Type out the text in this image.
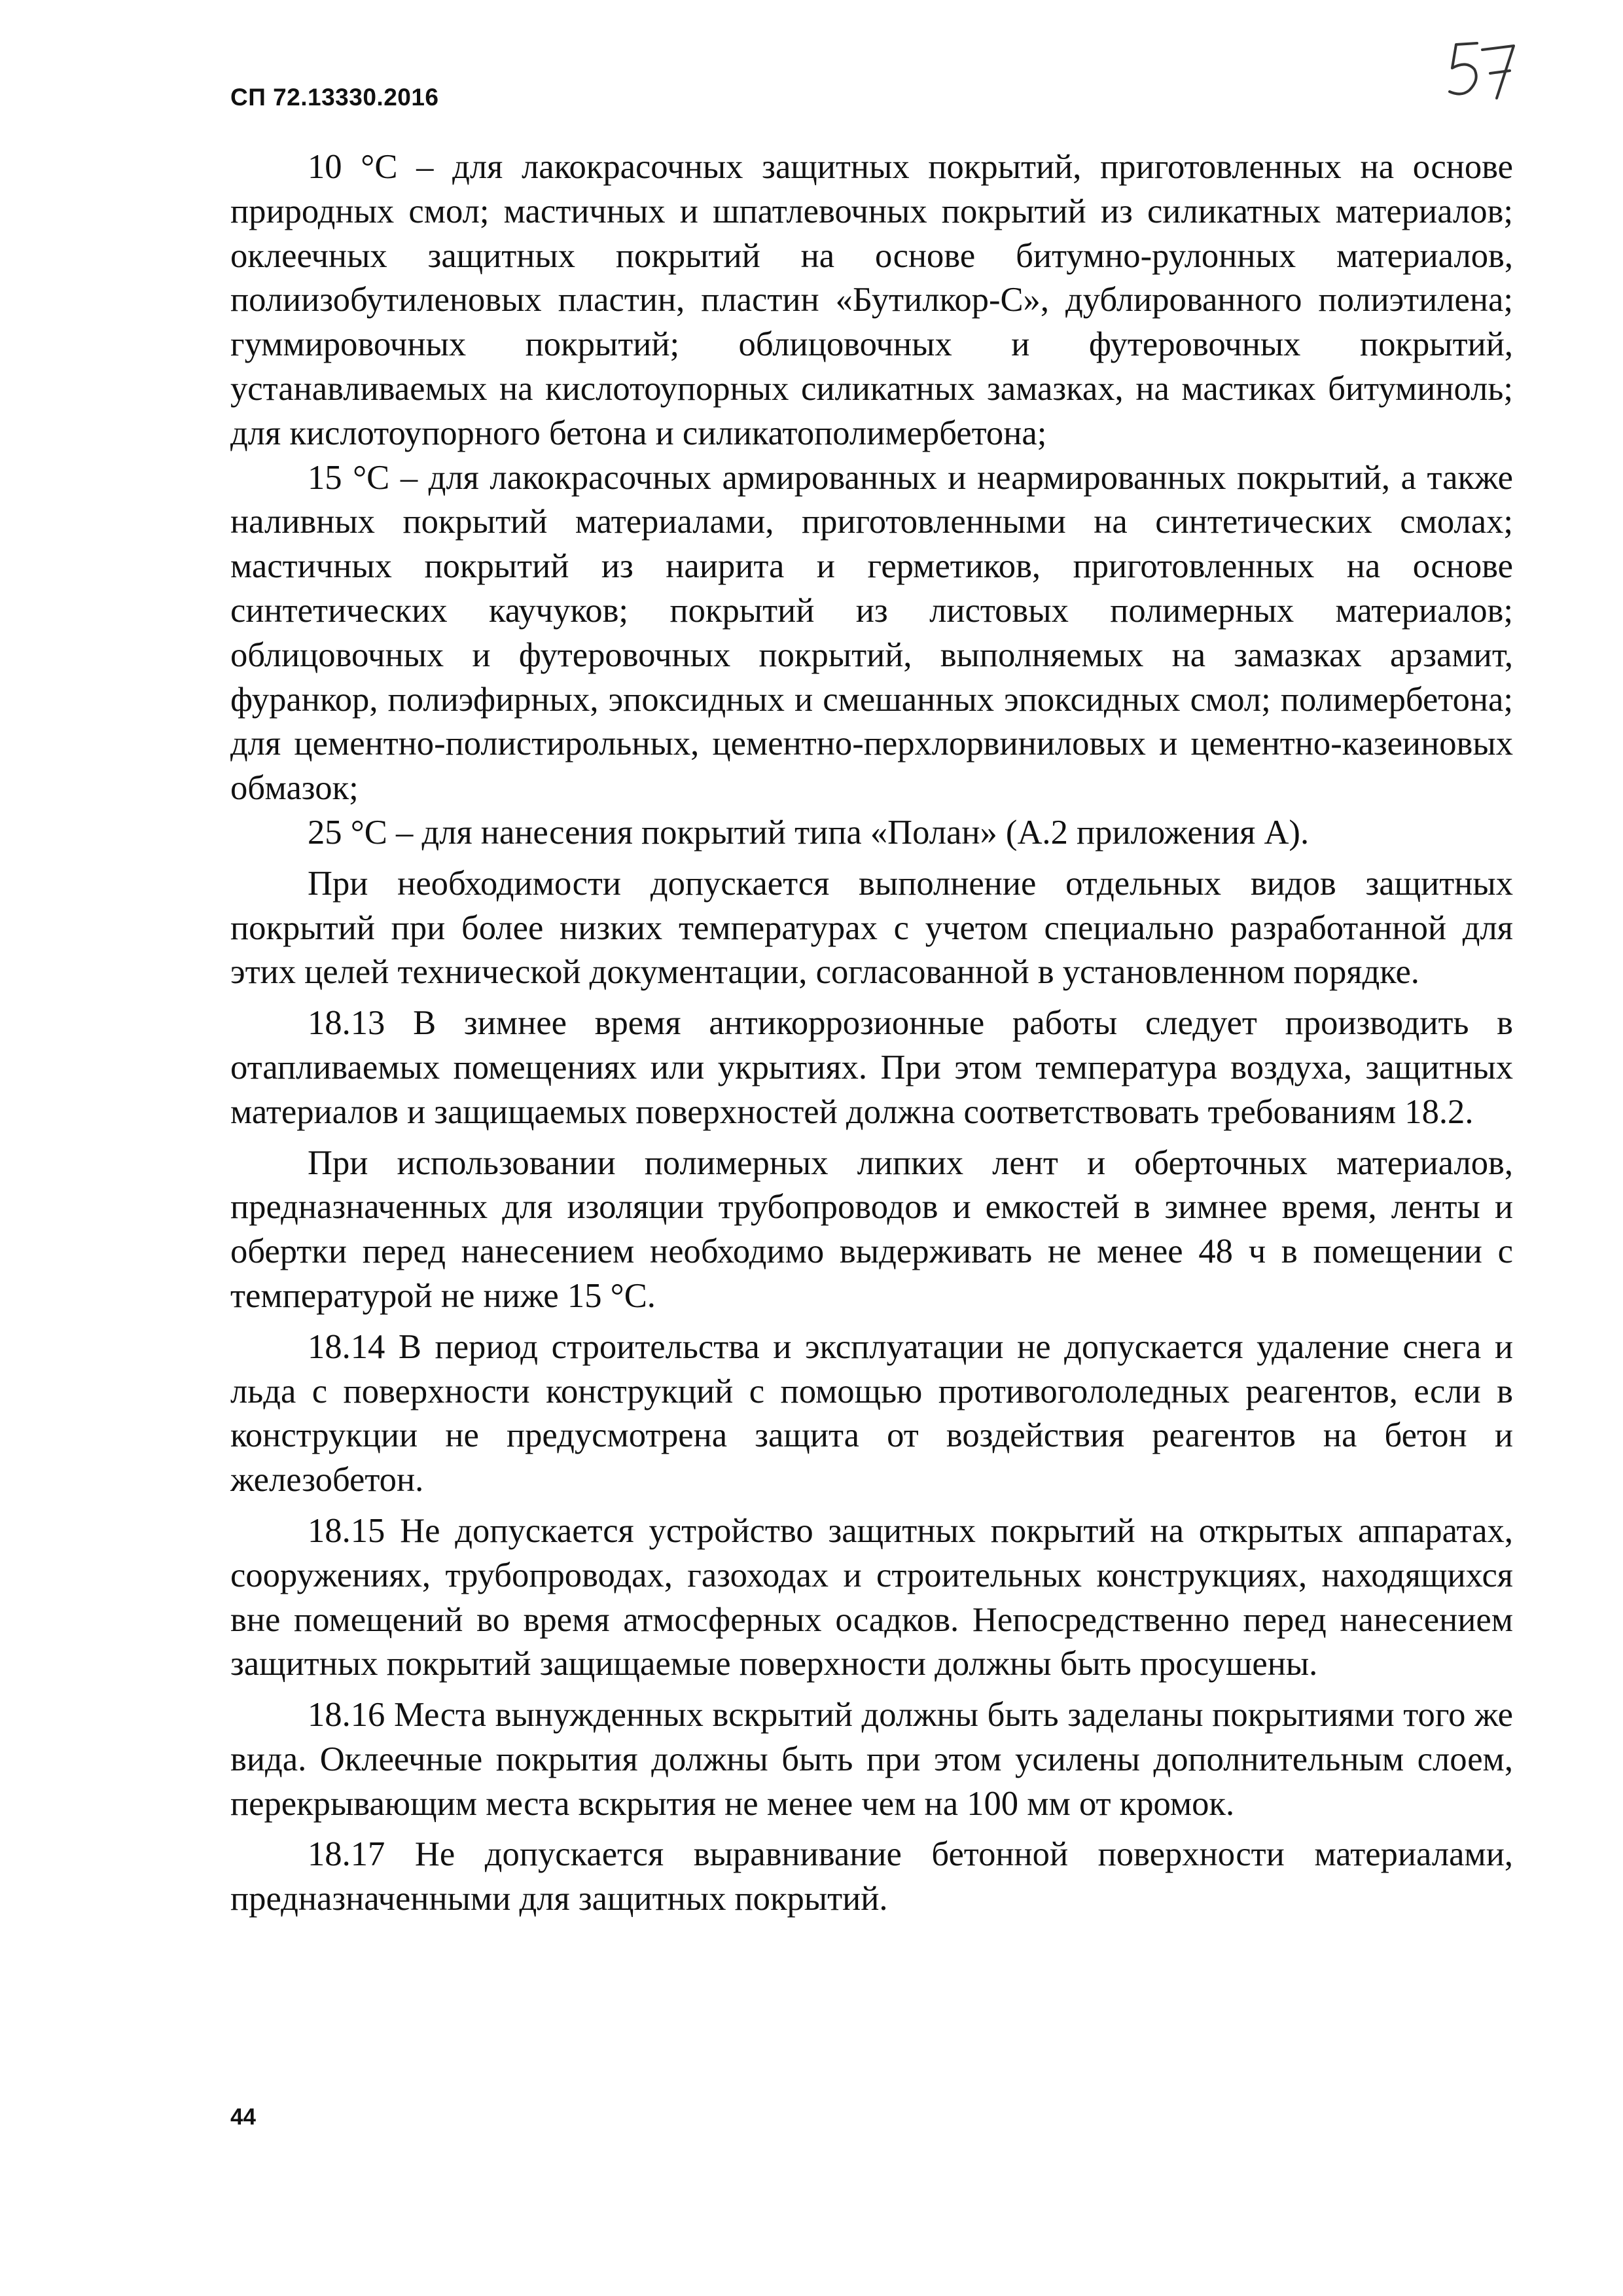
СП 72.13330.2016

10 °С – для лакокрасочных защитных покрытий, приготовленных на основе природных смол; мастичных и шпатлевочных покрытий из силикатных материалов; оклеечных защитных покрытий на основе битумно-рулонных материалов, полиизобутиленовых пластин, пластин «Бутилкор-С», дублированного полиэтилена; гуммировочных покрытий; облицовочных и футеровочных покрытий, устанавливаемых на кислотоупорных силикатных замазках, на мастиках битуминоль; для кислотоупорного бетона и силикатополимербетона;

15 °С – для лакокрасочных армированных и неармированных покрытий, а также наливных покрытий материалами, приготовленными на синтетических смолах; мастичных покрытий из наирита и герметиков, приготовленных на основе синтетических каучуков; покрытий из листовых полимерных материалов; облицовочных и футеровочных покрытий, выполняемых на замазках арзамит, фуранкор, полиэфирных, эпоксидных и смешанных эпоксидных смол; полимербетона; для цементно-полистирольных, цементно-перхлорвиниловых и цементно-казеиновых обмазок;

25 °С – для нанесения покрытий типа «Полан» (А.2 приложения А).

При необходимости допускается выполнение отдельных видов защитных покрытий при более низких температурах с учетом специально разработанной для этих целей технической документации, согласованной в установленном порядке.

18.13 В зимнее время антикоррозионные работы следует производить в отапливаемых помещениях или укрытиях. При этом температура воздуха, защитных материалов и защищаемых поверхностей должна соответствовать требованиям 18.2.

При использовании полимерных липких лент и оберточных материалов, предназначенных для изоляции трубопроводов и емкостей в зимнее время, ленты и обертки перед нанесением необходимо выдерживать не менее 48 ч в помещении с температурой не ниже 15 °С.

18.14 В период строительства и эксплуатации не допускается удаление снега и льда с поверхности конструкций с помощью противогололедных реагентов, если в конструкции не предусмотрена защита от воздействия реагентов на бетон и железобетон.

18.15 Не допускается устройство защитных покрытий на открытых аппаратах, сооружениях, трубопроводах, газоходах и строительных конструкциях, находящихся вне помещений во время атмосферных осадков. Непосредственно перед нанесением защитных покрытий защищаемые поверхности должны быть просушены.

18.16 Места вынужденных вскрытий должны быть заделаны покрытиями того же вида. Оклеечные покрытия должны быть при этом усилены дополнительным слоем, перекрывающим места вскрытия не менее чем на 100 мм от кромок.

18.17 Не допускается выравнивание бетонной поверхности материалами, предназначенными для защитных покрытий.

44
